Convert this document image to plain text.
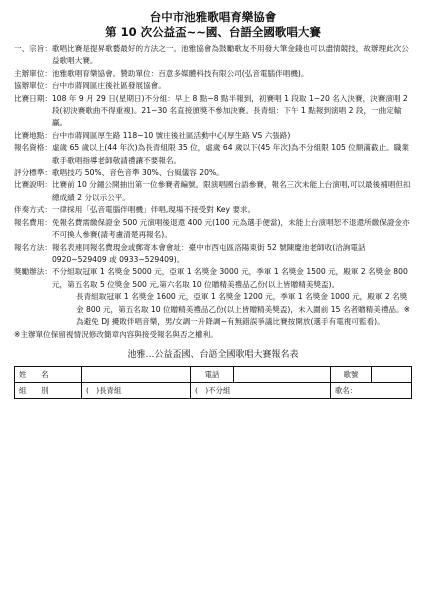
台中市池雅歌唱育樂協會
第 10 次公益盃~~國、台語全國歌唱大賽
一、宗旨： 歌唱比賽是提昇歌藝最好的方法之一。池雅協會為鼓勵歌友不用發大筆金錢也可以盡情競技，故辦理此次公益歌唱大賽。
主辦單位： 池雅歌唱育樂協會。贊助單位：百意多媒體科技有限公司(弘音電腦伴唱機)。
協辦單位： 台中市蔣岡區庄後社區發展協會。
比賽日期： 108 年 9 月 29 日(星期日)不分組：早上 8 點~8 點半報到，初賽唱 1 段取 1~20 名入決賽，決賽演唱 2 段(初決賽歌曲不得重複)。21~30 名直接頒獎不參加決賽。長青組：下午 1 點報到演唱 2 段，一曲定輸贏。
比賽地點： 台中市蔣岡區厚生路 118~10 號庄後社區活動中心(厚生路 VS 六張路)
報名資格： 虛歲 65 歲以上(44 年次)為長青組限 35 位，虛歲 64 歲以下(45 年次)為不分組限 105 位額滿截止。職業歌手歌唱指導老師敬請禮讓不要報名。
評分標準： 歌唱技巧 50%、音色音準 30%、台風儀容 20%。
比賽說明： 比賽前 10 分鐘公開抽出第一位參賽者編號。限演唱國台語參賽，報名三次未能上台演唱,可以最後補唱但扣總成績 2 分以示公平。
伴奏方式： 一律採用「弘音電腦伴唱機」伴唱,現場不接受對 Key 要求。
報名費用： 免報名費需繳保證金 500 元演唱後退還 400 元(100 元為選手便當)，未能上台演唱恕不退還所繳保證金亦不可換人參賽(請考慮清楚再報名)。
報名方法： 報名表連同報名費現金或郵寄本會會址：臺中市西屯區洛陽東街 52 號陳慶池老師收(洽詢電話 0920~529409 或 0933~529409)。
獎勵辦法： 不分組取冠軍 1 名獎金 5000 元，亞軍 1 名獎金 3000 元，季軍 1 名獎金 1500 元，殿軍 2 名獎金 800 元，第五名取 5 位獎金 500 元,第六名取 10 位贈精美禮品乙份(以上皆贈精美獎盃)。
長青組取冠軍 1 名獎金 1600 元，亞軍 1 名獎金 1200 元，季軍 1 名獎金 1000 元，殿軍 2 名獎金 800 元，第五名取 10 位贈精美禮品乙份(以上皆贈精美獎盃)，未入圍前 15 名者贈精美禮品。※為避免 DJ 擾敗伴唱音樂，男/女調一升降調~有無錯誤爭議比賽按開放(選手有電視可監看)。
※主辦單位保留視情況修改簡章內容與接受報名與否之權利。
池雅…公益盃國、台語全國歌唱大賽報名表
姓　　名		電話		歌號	
組　　別	(　)長青組	(　)不分組		歌名：	
